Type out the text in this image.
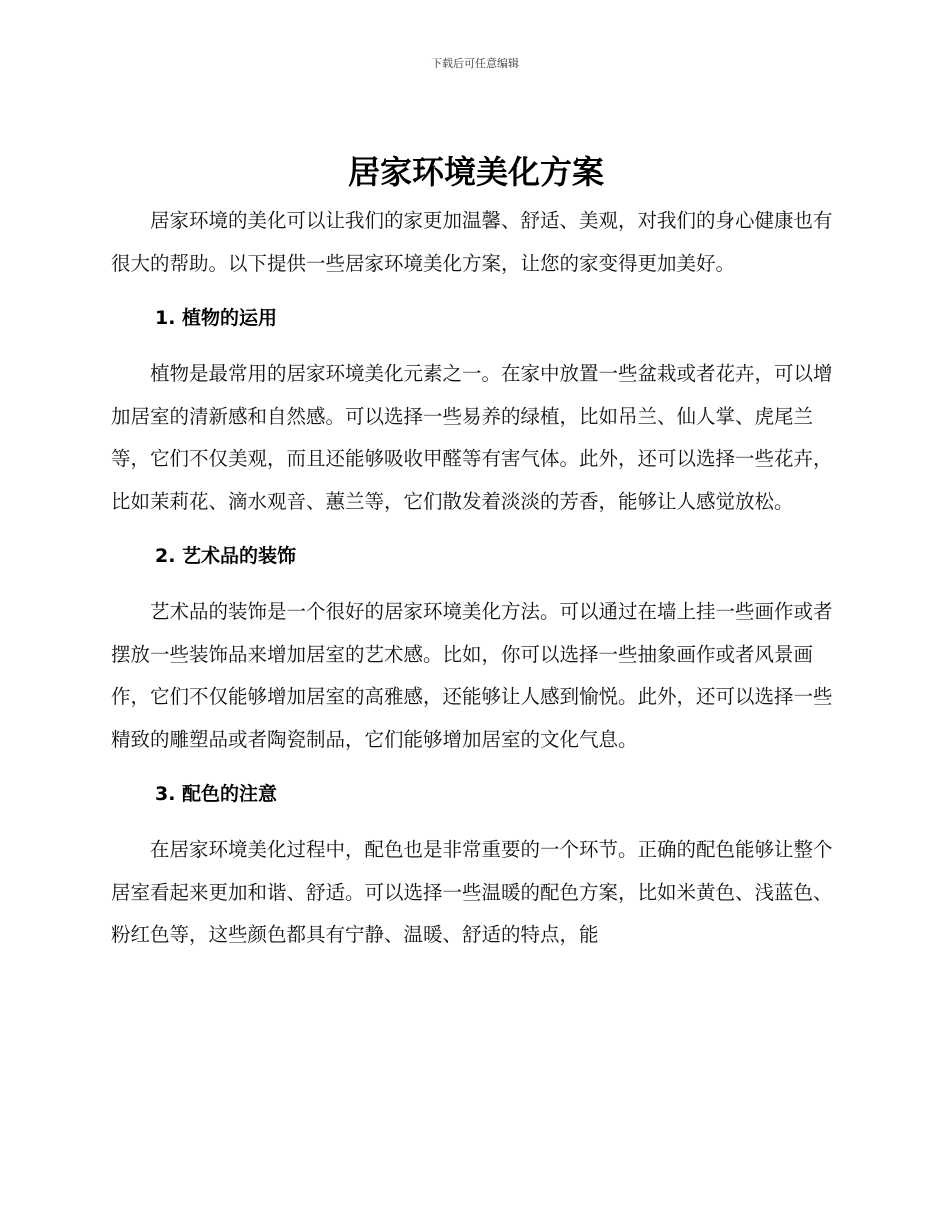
下载后可任意编辑
居家环境美化方案

居家环境的美化可以让我们的家更加温馨、舒适、美观，对我们的身心健康也有很大的帮助。以下提供一些居家环境美化方案，让您的家变得更加美好。

1. 植物的运用

植物是最常用的居家环境美化元素之一。在家中放置一些盆栽或者花卉，可以增加居室的清新感和自然感。可以选择一些易养的绿植，比如吊兰、仙人掌、虎尾兰等，它们不仅美观，而且还能够吸收甲醛等有害气体。此外，还可以选择一些花卉，比如茉莉花、滴水观音、蕙兰等，它们散发着淡淡的芳香，能够让人感觉放松。

2. 艺术品的装饰

艺术品的装饰是一个很好的居家环境美化方法。可以通过在墙上挂一些画作或者摆放一些装饰品来增加居室的艺术感。比如，你可以选择一些抽象画作或者风景画作，它们不仅能够增加居室的高雅感，还能够让人感到愉悦。此外，还可以选择一些精致的雕塑品或者陶瓷制品，它们能够增加居室的文化气息。

3. 配色的注意

在居家环境美化过程中，配色也是非常重要的一个环节。正确的配色能够让整个居室看起来更加和谐、舒适。可以选择一些温暖的配色方案，比如米黄色、浅蓝色、粉红色等，这些颜色都具有宁静、温暖、舒适的特点，能
